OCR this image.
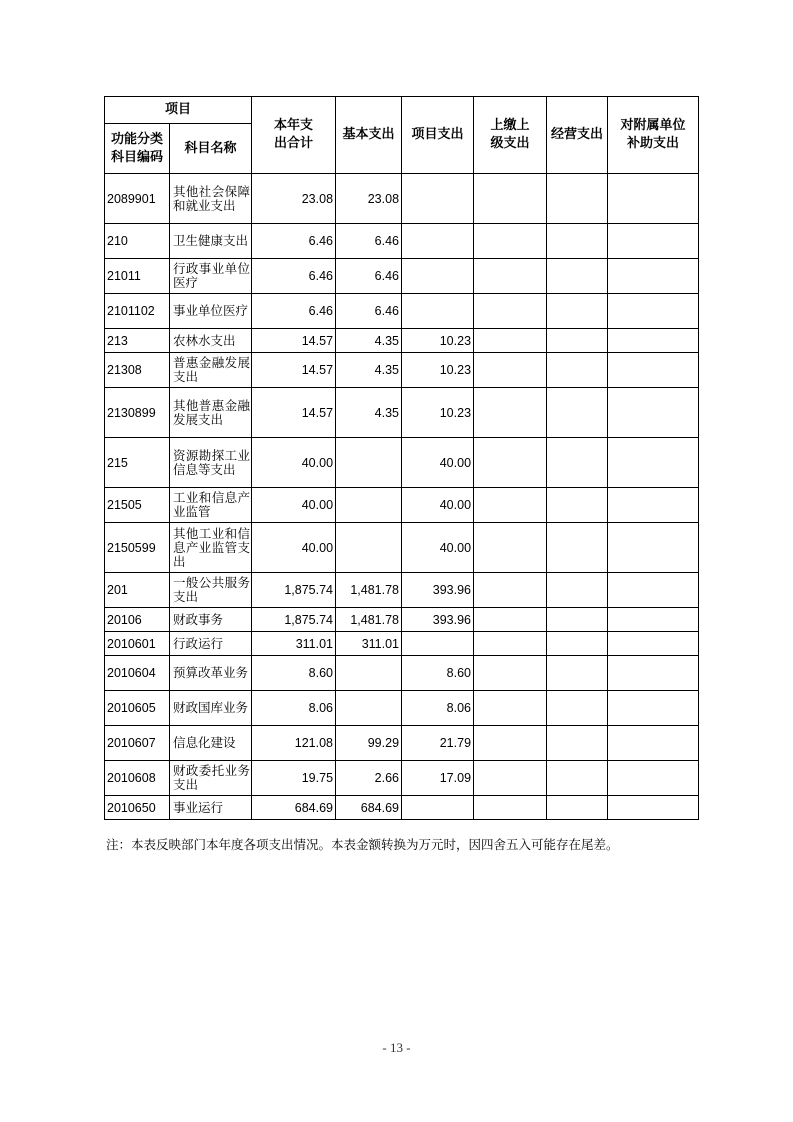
项目		本年支出合计	基本支出	项目支出	上缴上级支出	经营支出	对附属单位补助支出

功能分类科目编码	科目名称						
2089901	其他社会保障和就业支出	23.08	23.08				
210	卫生健康支出	6.46	6.46				
21011	行政事业单位医疗	6.46	6.46				
2101102	事业单位医疗	6.46	6.46				
213	农林水支出	14.57	4.35	10.23			
21308	普惠金融发展支出	14.57	4.35	10.23			
2130899	其他普惠金融发展支出	14.57	4.35	10.23			
215	资源勘探工业信息等支出	40.00		40.00			
21505	工业和信息产业监管	40.00		40.00			
2150599	其他工业和信息产业监管支出	40.00		40.00			
201	一般公共服务支出	1,875.74	1,481.78	393.96			
20106	财政事务	1,875.74	1,481.78	393.96			
2010601	行政运行	311.01	311.01				
2010604	预算改革业务	8.60		8.60			
2010605	财政国库业务	8.06		8.06			
2010607	信息化建设	121.08	99.29	21.79			
2010608	财政委托业务支出	19.75	2.66	17.09			
2010650	事业运行	684.69	684.69				
注：本表反映部门本年度各项支出情况。本表金额转换为万元时，因四舍五入可能存在尾差。
- 13 -
